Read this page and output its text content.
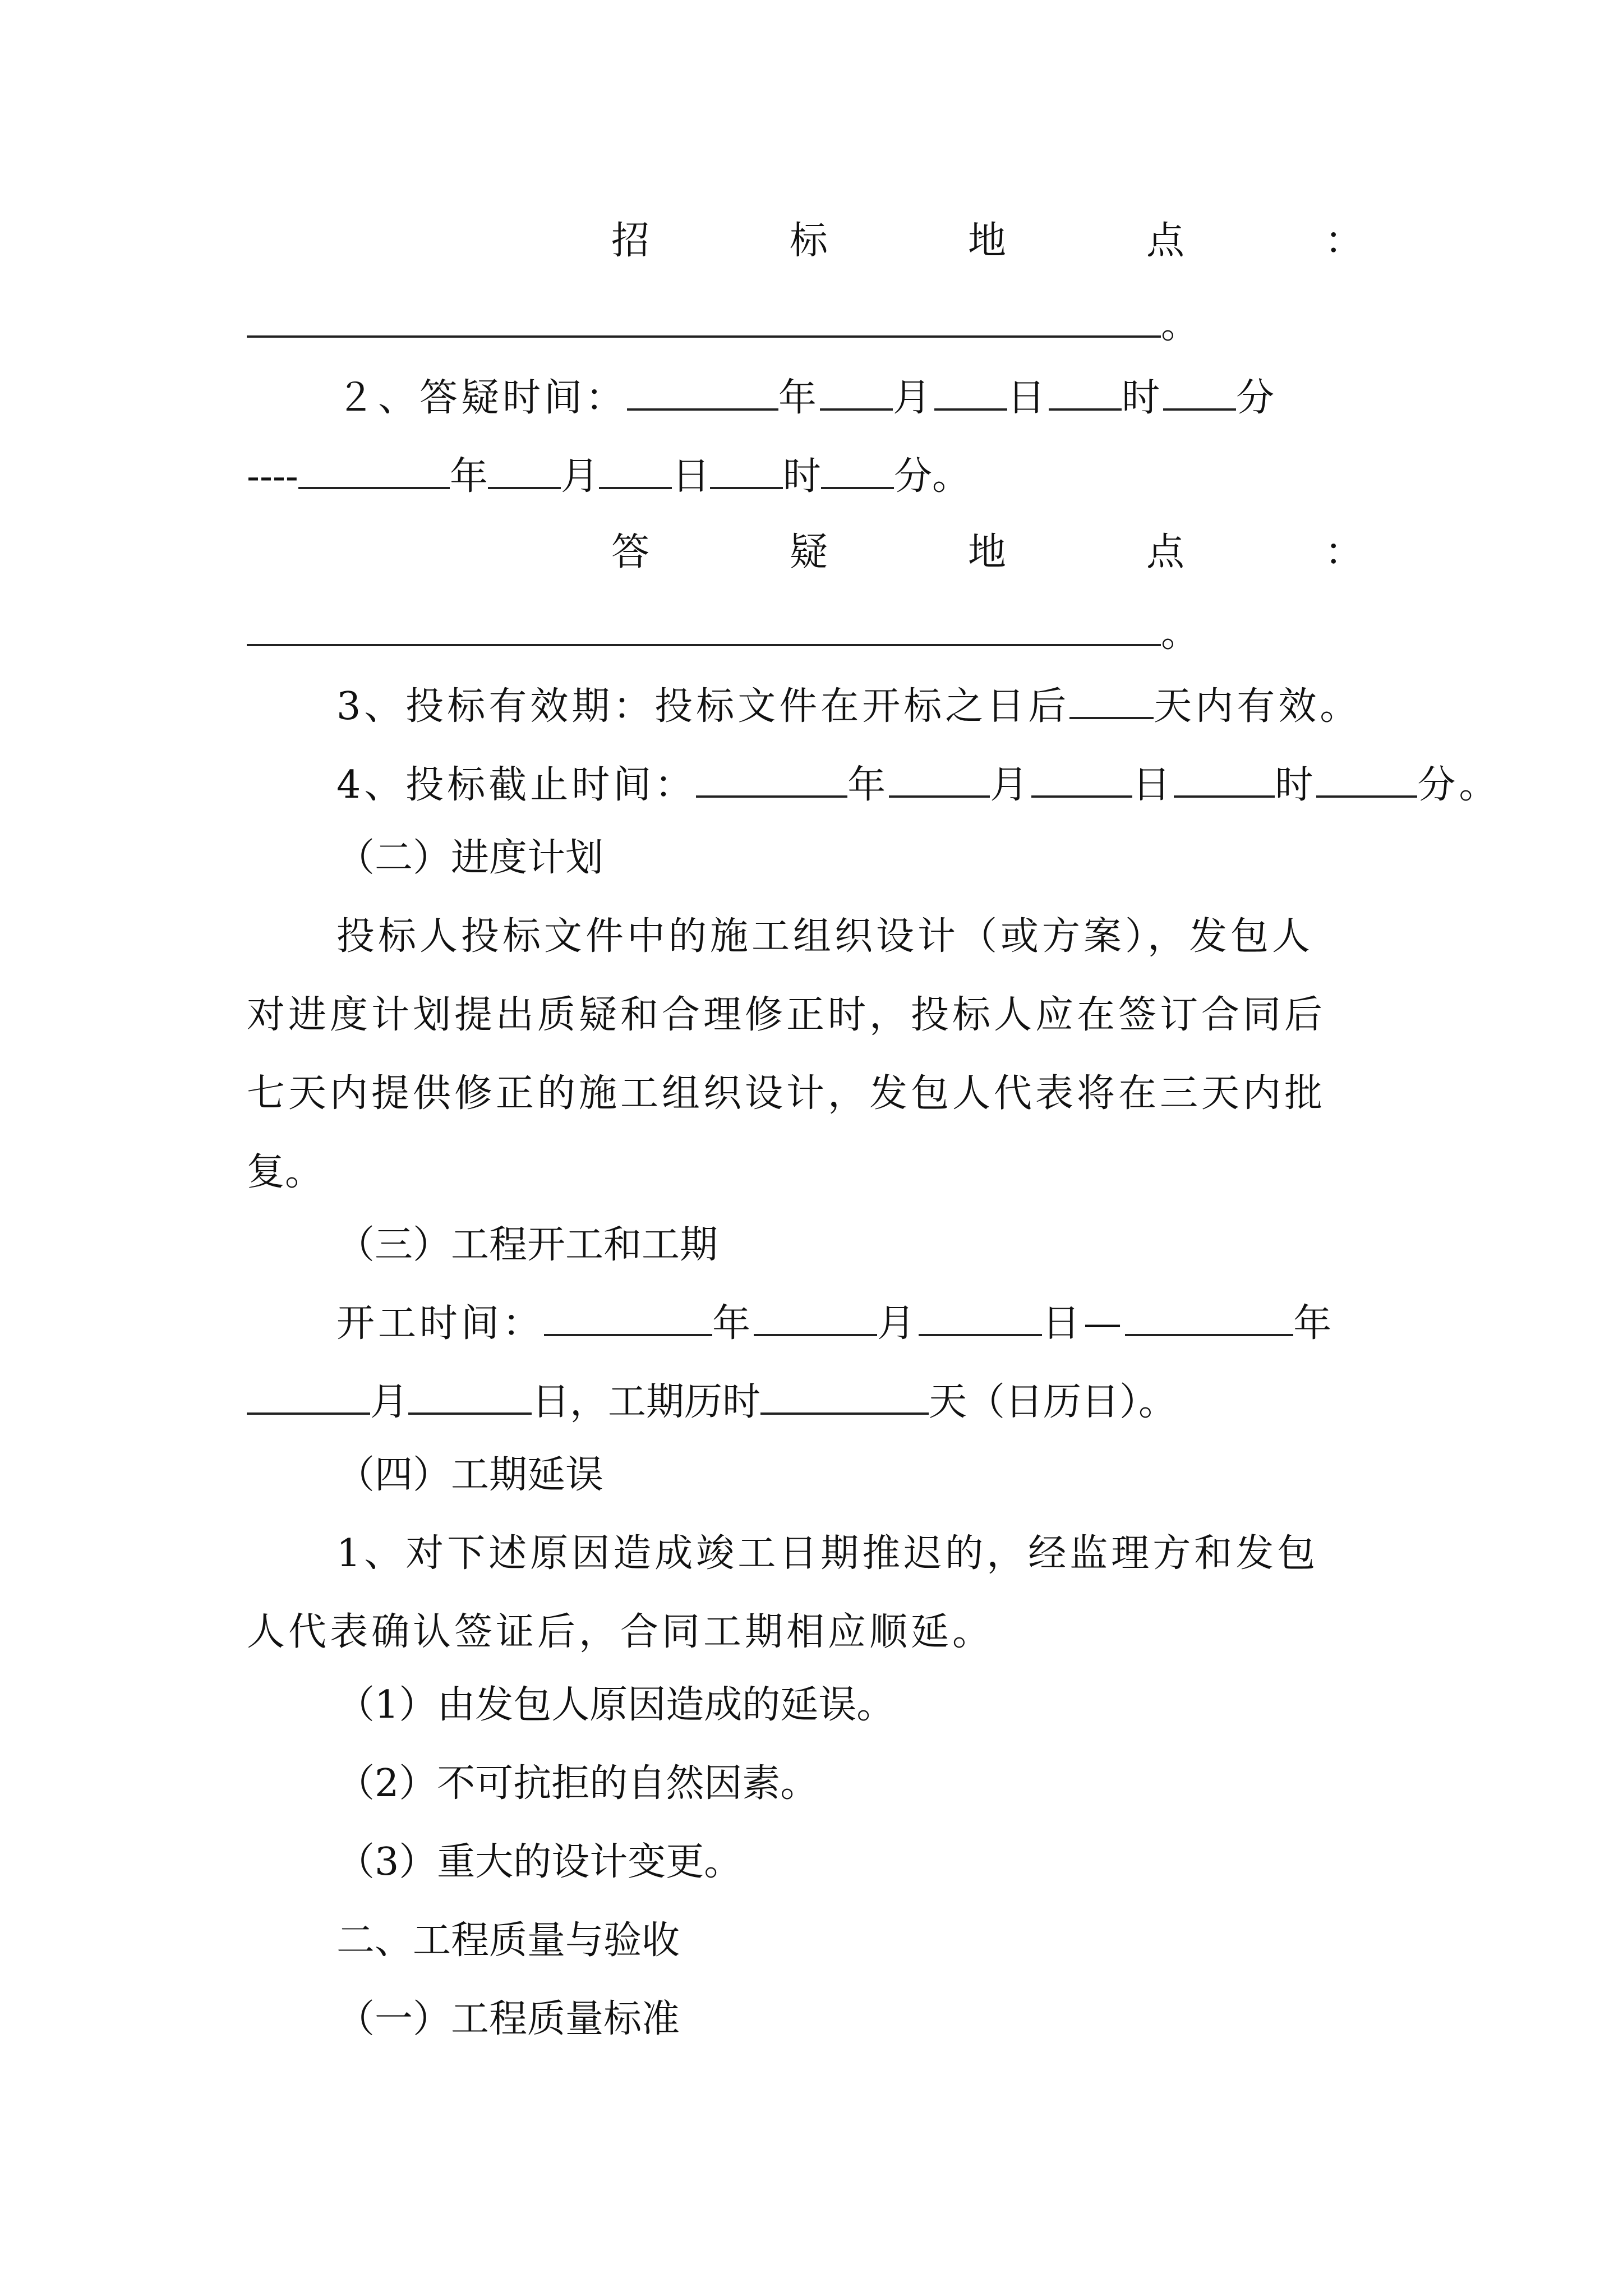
招	标	地	点	：
。
２、答疑时间：	年 月 日 时 分
----	年 月 日 时 分。
答	疑	地	点	：
。
3、投标有效期：投标文件在开标之日后 天内有效。
4、投标截止时间：	年	月	日	时	分。
（二）进度计划
投标人投标文件中的施工组织设计（或方案），发包人
对进度计划提出质疑和合理修正时，投标人应在签订合同后
七天内提供修正的施工组织设计，发包人代表将在三天内批
复。
（三）工程开工和工期
开工时间：	年	月	日—	年
月	日，工期历时	天（日历日）。
（四）工期延误
1、对下述原因造成竣工日期推迟的，经监理方和发包
人代表确认签证后，合同工期相应顺延。
（1）由发包人原因造成的延误。
（2）不可抗拒的自然因素。
（3）重大的设计变更。
二、工程质量与验收
（一）工程质量标准
